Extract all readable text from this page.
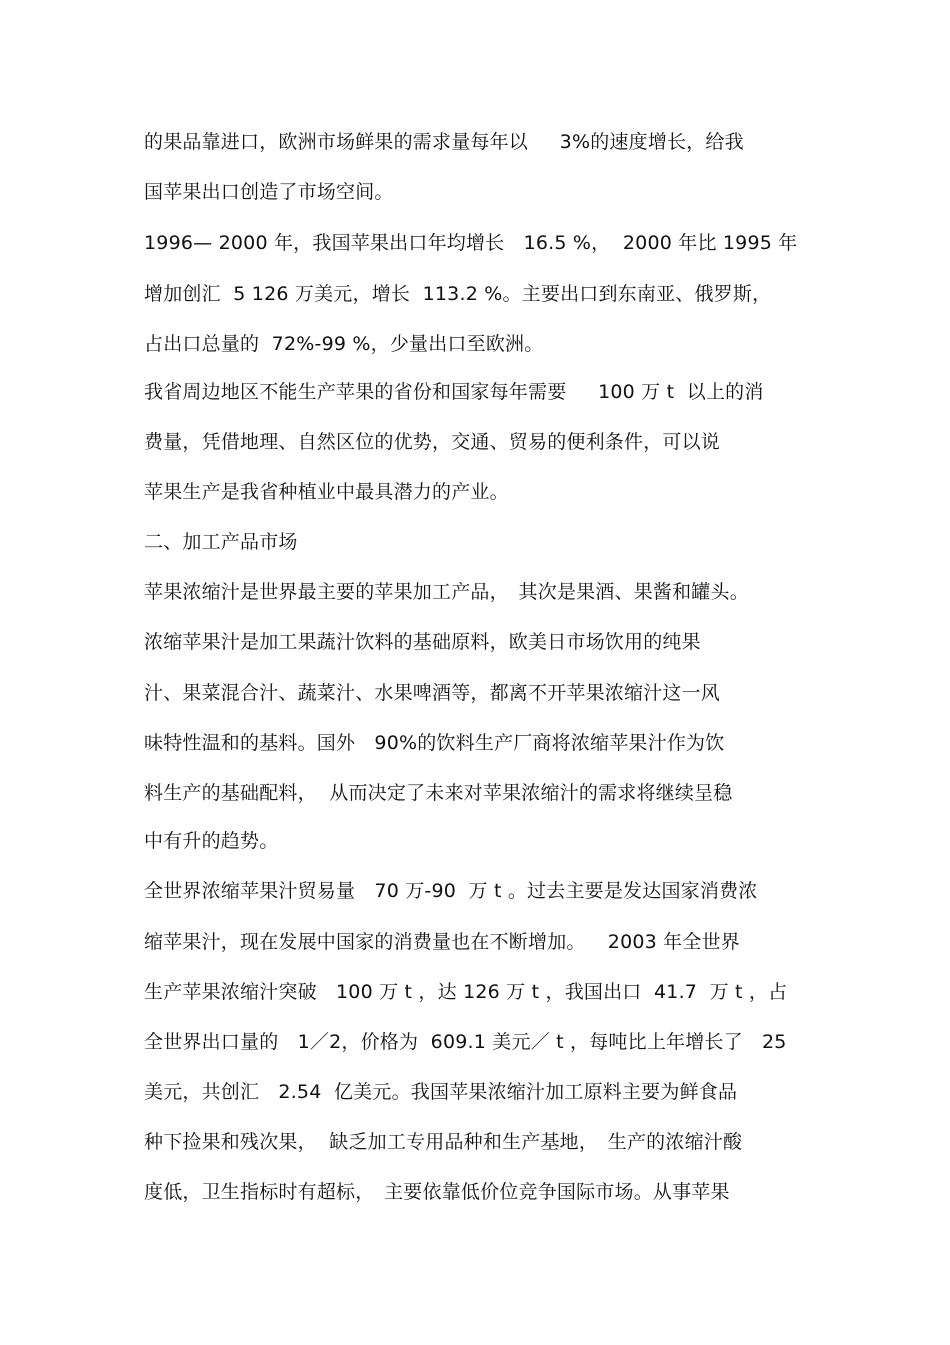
的果品靠进口，欧洲市场鲜果的需求量每年以　  3%的速度增长，给我
国苹果出口创造了市场空间。
1996— 2000 年，我国苹果出口年均增长　16.5 %，  2000 年比 1995 年
增加创汇  5 126 万美元，增长  113.2 %。主要出口到东南亚、俄罗斯，
占出口总量的  72%-99 %，少量出口至欧洲。
我省周边地区不能生产苹果的省份和国家每年需要　  100 万 t  以上的消
费量，凭借地理、自然区位的优势，交通、贸易的便利条件，可以说
苹果生产是我省种植业中最具潜力的产业。
二、加工产品市场
苹果浓缩汁是世界最主要的苹果加工产品，　其次是果酒、果酱和罐头。
浓缩苹果汁是加工果蔬汁饮料的基础原料，欧美日市场饮用的纯果
汁、果菜混合汁、蔬菜汁、水果啤酒等，都离不开苹果浓缩汁这一风
味特性温和的基料。国外　90%的饮料生产厂商将浓缩苹果汁作为饮
料生产的基础配料，  从而决定了未来对苹果浓缩汁的需求将继续呈稳
中有升的趋势。
全世界浓缩苹果汁贸易量　70 万-90  万 t 。过去主要是发达国家消费浓
缩苹果汁，现在发展中国家的消费量也在不断增加。　  2003 年全世界
生产苹果浓缩汁突破　100 万 t ，达 126 万 t ，我国出口  41.7  万 t ，占
全世界出口量的　1／2，价格为  609.1 美元／ t ，每吨比上年增长了　25
美元，共创汇　2.54  亿美元。我国苹果浓缩汁加工原料主要为鲜食品
种下捡果和残次果，  缺乏加工专用品种和生产基地，　生产的浓缩汁酸
度低，卫生指标时有超标，　主要依靠低价位竞争国际市场。从事苹果
